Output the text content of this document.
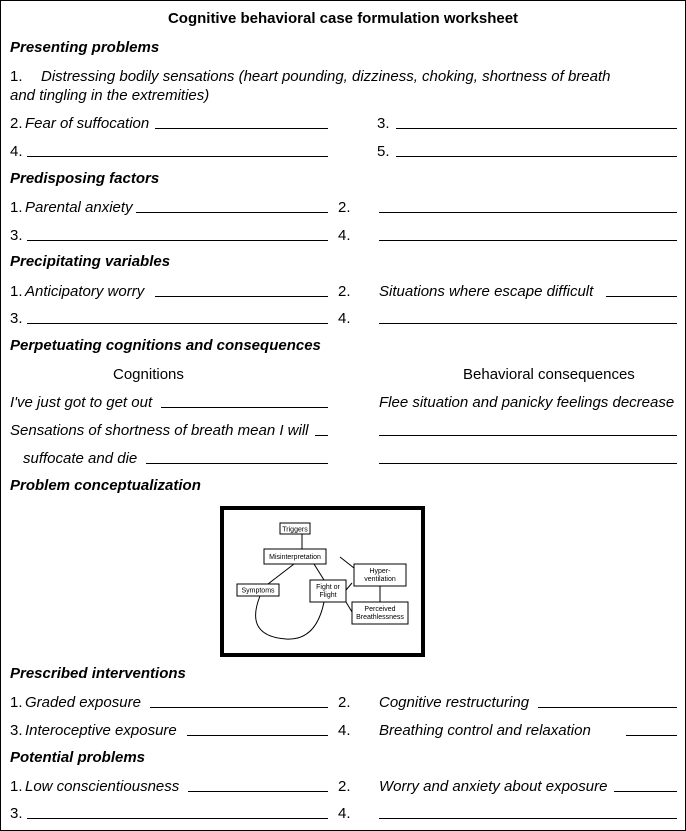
Cognitive behavioral case formulation worksheet
Presenting problems
1. Distressing bodily sensations (heart pounding, dizziness, choking, shortness of breath
and tingling in the extremities)
2. Fear of suffocation	3.
4.	5.
Predisposing factors
1. Parental anxiety	2.
3.	4.
Precipitating variables
1. Anticipatory worry	2. Situations where escape difficult
3.	4.
Perpetuating cognitions and consequences
Cognitions	Behavioral consequences
I've just got to get out	Flee situation and panicky feelings decrease
Sensations of shortness of breath mean I will
suffocate and die
Problem conceptualization
Triggers
Misinterpretation
Hyper-
ventilation
Symptoms	Fight or
Flight
Perceived
Breathlessness
Prescribed interventions
1. Graded exposure	2. Cognitive restructuring
3. Interoceptive exposure	4. Breathing control and relaxation
Potential problems
1. Low conscientiousness	2. Worry and anxiety about exposure
3.	4.
